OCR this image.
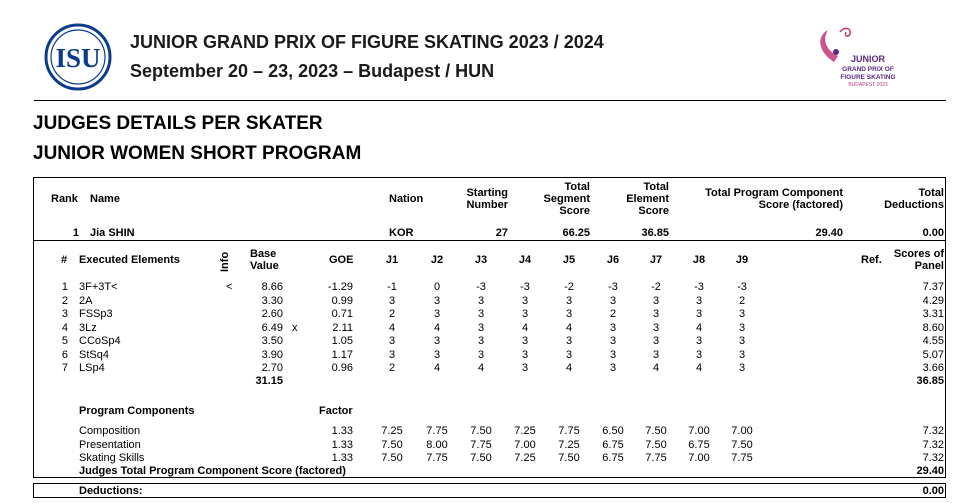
ISU
JUNIOR GRAND PRIX OF FIGURE SKATING 2023 / 2024
September 20 – 23, 2023 – Budapest / HUN
JUNIOR
GRAND PRIX OF
FIGURE SKATING
BUDAPEST 2023
JUDGES DETAILS PER SKATER
JUNIOR WOMEN SHORT PROGRAM
Rank Name	Nation	Starting
Number
Total
Segment
Score
Total
Element
Score
Total Program Component
Score (factored)
Total
Deductions
1 Jia SHIN	KOR	27	66.25	36.85	29.40	0.00
# Executed Elements	Info Base
Value	GOE	J1	J2	J3	J4	J5	J6	J7	J8	J9	Ref. Scores of
Panel
1 3F+3T<	<	8.66	-1.29	-1	0	-3	-3	-2	-3	-2	-3	-3	7.37
2 2A	3.30	0.99	3	3	3	3	3	3	3	3	2	4.29
3 FSSp3	2.60	0.71	2	3	3	3	3	2	3	3	3	3.31
4 3Lz	6.49 x	2.11	4	4	3	4	4	3	3	4	3	8.60
5 CCoSp4	3.50	1.05	3	3	3	3	3	3	3	3	3	4.55
6 StSq4	3.90	1.17	3	3	3	3	3	3	3	3	3	5.07
7 LSp4	2.70	0.96	2	4	4	3	4	3	4	4	3	3.66
31.15	36.85
Program Components	Factor
Composition	1.33	7.25	7.75	7.50	7.25	7.75	6.50	7.50	7.00	7.00	7.32
Presentation	1.33	7.50	8.00	7.75	7.00	7.25	6.75	7.50	6.75	7.50	7.32
Skating Skills	1.33	7.50	7.75	7.50	7.25	7.50	6.75	7.75	7.00	7.75	7.32
Judges Total Program Component Score (factored)	29.40
Deductions:	0.00
